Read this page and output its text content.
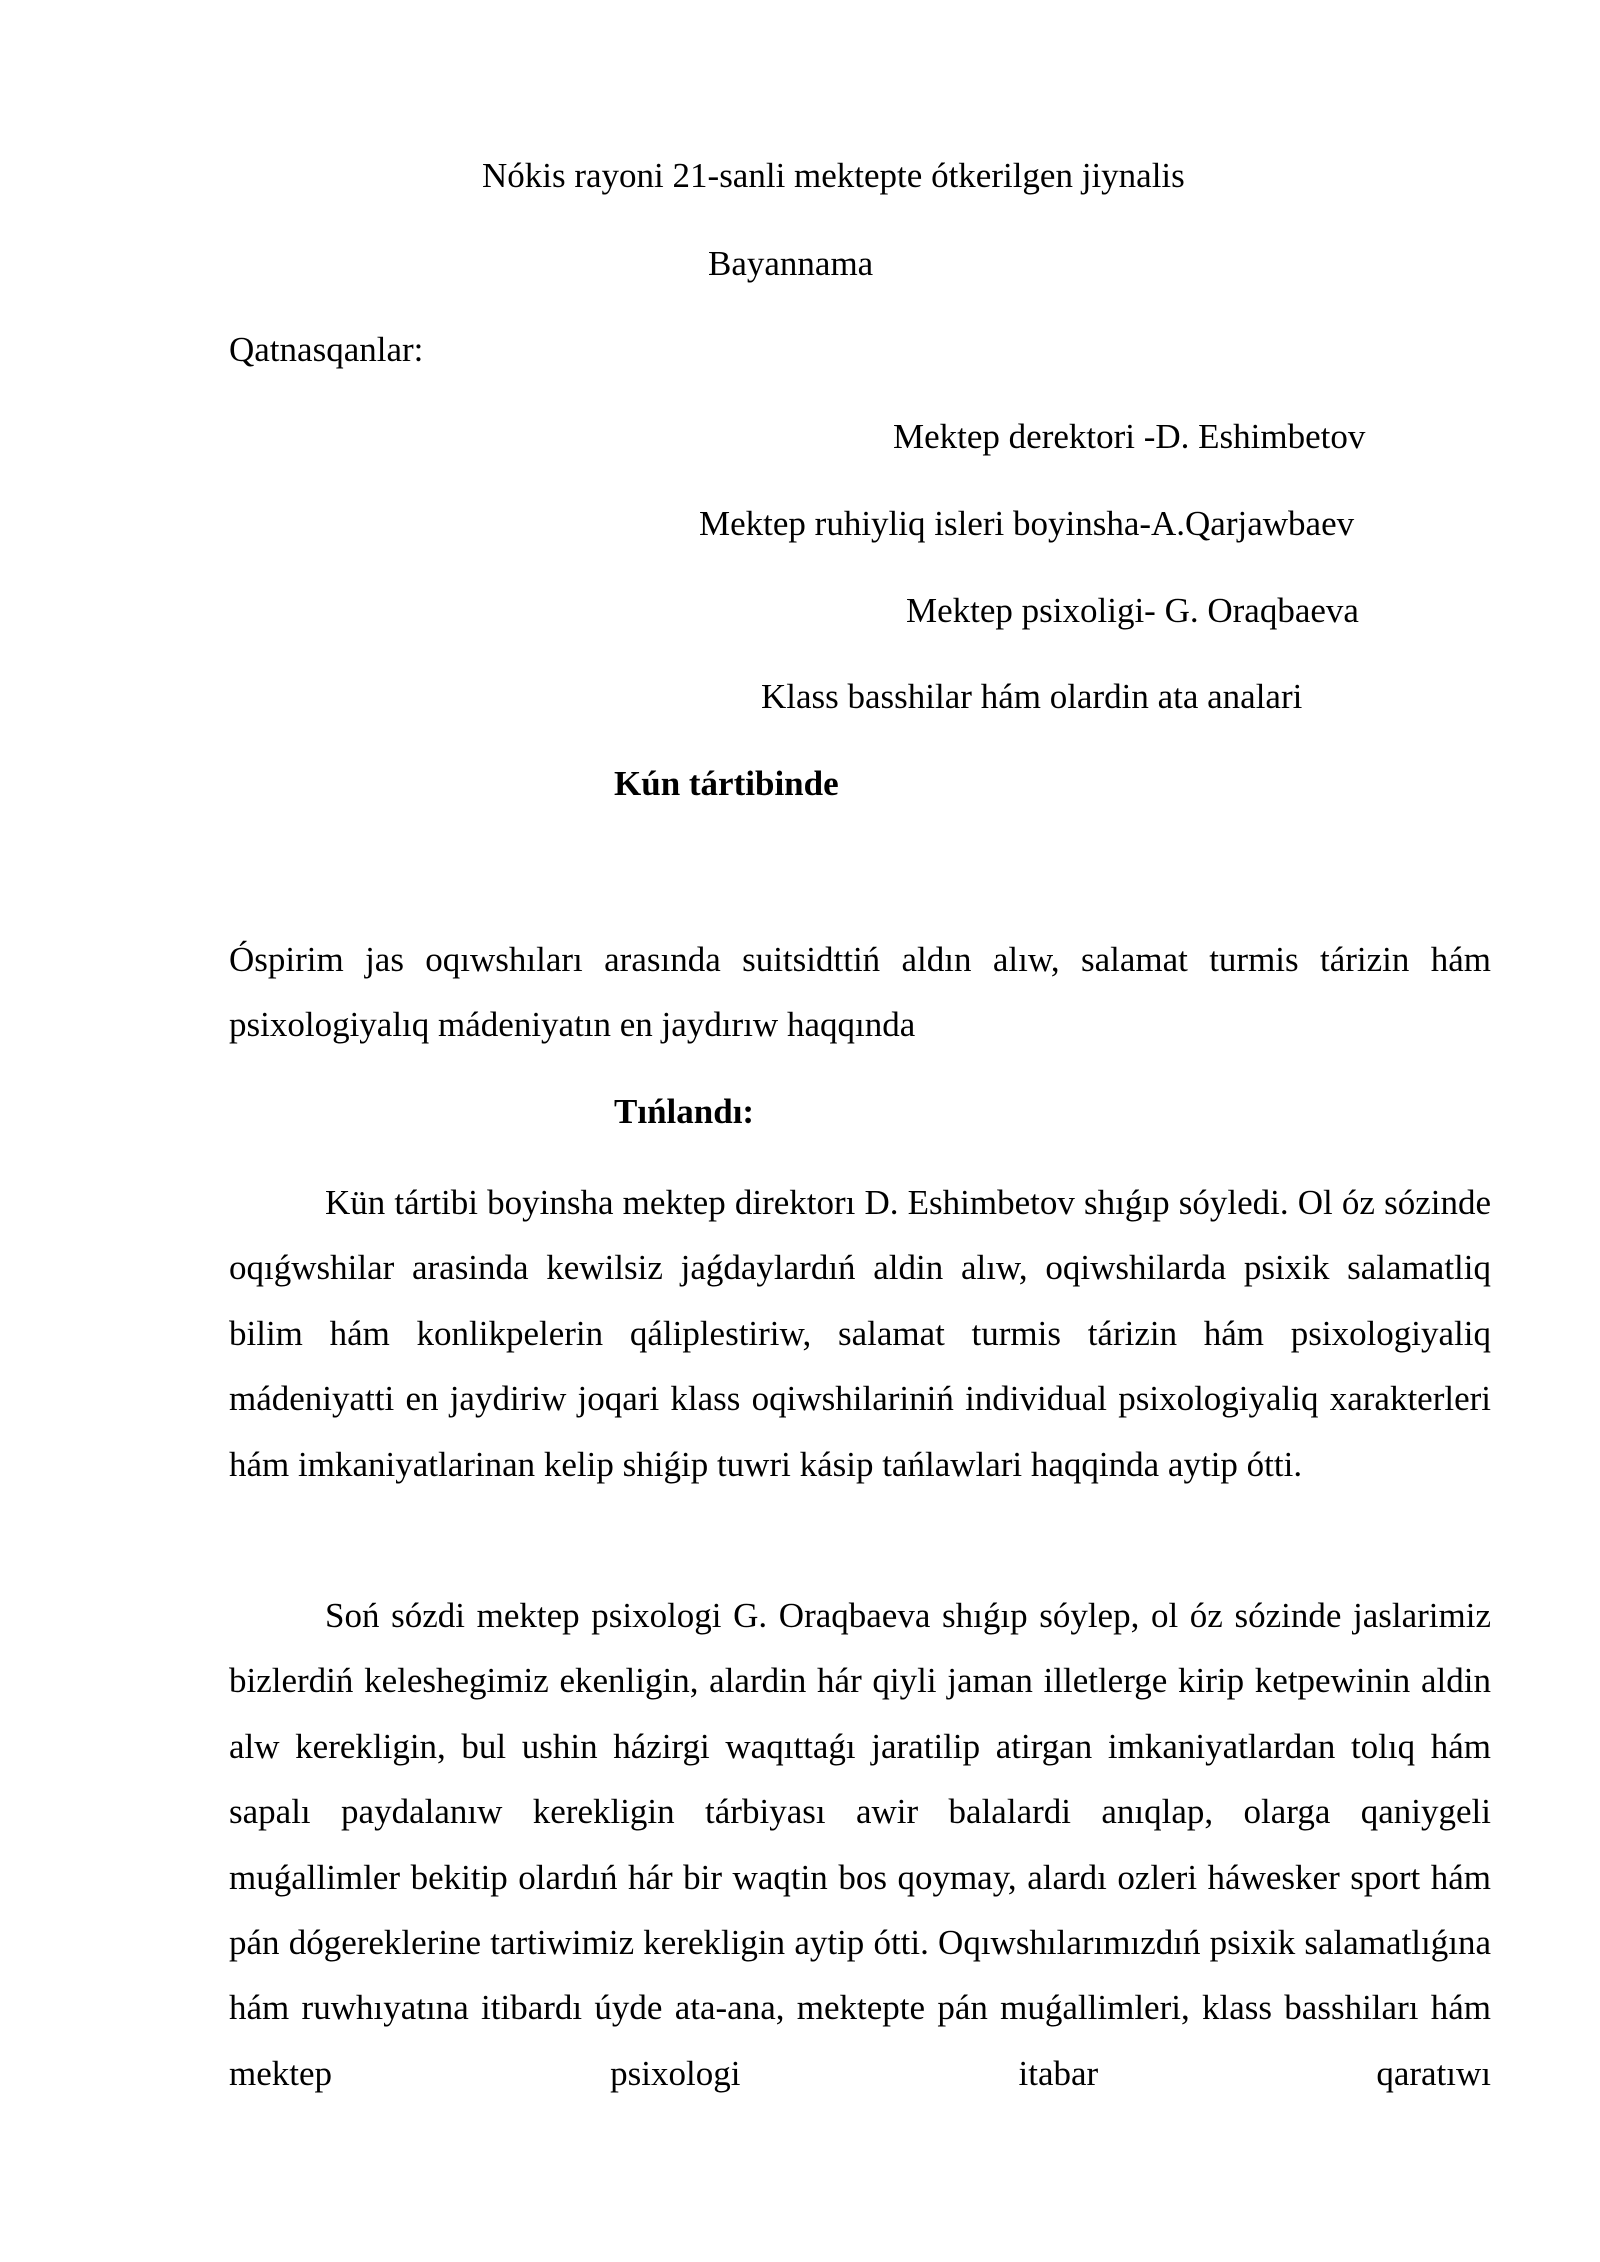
Nókis rayoni 21-sanli mektepte ótkerilgen jiynalis
Bayannama
Qatnasqanlar:
Mektep derektori -D. Eshimbetov
Mektep ruhiyliq isleri boyinsha-A.Qarjawbaev
Mektep psixoligi- G. Oraqbaeva
Klass basshilar hám olardin ata analari
Kún tártibinde
Óspirim jas oqıwshıları arasında suitsidttiń aldın alıw, salamat turmis tárizin hám psixologiyalıq mádeniyatın en jaydırıw haqqında
Tıńlandı:
Kün tártibi boyinsha mektep direktorı D. Eshimbetov shıǵıp sóyledi. Ol óz sózinde oqıǵwshilar arasinda kewilsiz jaǵdaylardıń aldin alıw, oqiwshilarda psixik salamatliq bilim hám konlikpelerin qáliplestiriw, salamat turmis tárizin hám psixologiyaliq mádeniyatti en jaydiriw joqari klass oqiwshilariniń individual psixologiyaliq xarakterleri hám imkaniyatlarinan kelip shiǵip tuwri kásip tańlawlari haqqinda aytip ótti.
Soń sózdi mektep psixologi G. Oraqbaeva shıǵıp sóylep, ol óz sózinde jaslarimiz bizlerdiń keleshegimiz ekenligin, alardin hár qiyli jaman illetlerge kirip ketpewinin aldin alw kerekligin, bul ushin házirgi waqıttaǵı jaratilip atirgan imkaniyatlardan tolıq hám sapalı paydalanıw kerekligin tárbiyası awir balalardi anıqlap, olarga qaniygeli muǵallimler bekitip olardıń hár bir waqtin bos qoymay, alardı ozleri háwesker sport hám pán dógereklerine tartiwimiz kerekligin aytip ótti. Oqıwshılarımızdıń psixik salamatlıǵına hám ruwhıyatına itibardı úyde ata-ana, mektepte pán muǵallimleri, klass basshiları hám mektep psixologi itabar qaratıwı
